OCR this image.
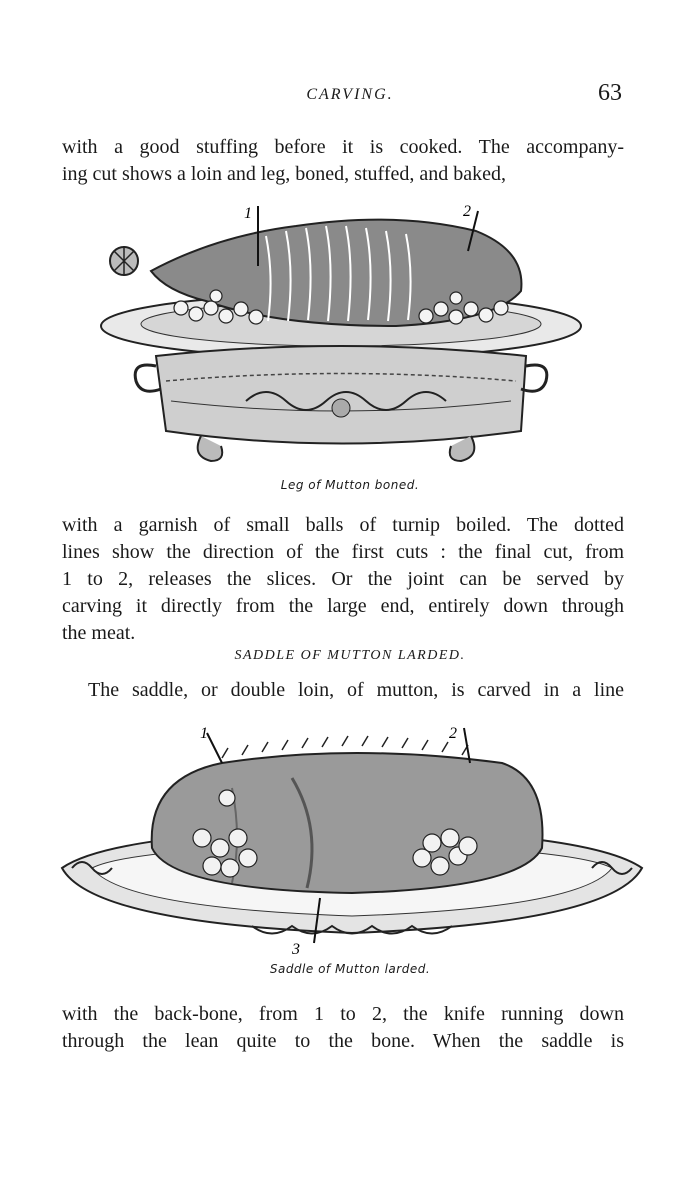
CARVING.	63
with a good stuffing before it is cooked. The accompany-
ing cut shows a loin and leg, boned, stuffed, and baked,
1	2
Leg of Mutton boned.
with a garnish of small balls of turnip boiled. The dotted
lines show the direction of the first cuts : the final cut, from
1 to 2, releases the slices. Or the joint can be served by
carving it directly from the large end, entirely down through
the meat.
SADDLE OF MUTTON LARDED.
The saddle, or double loin, of mutton, is carved in a line
1	2
3
Saddle of Mutton larded.
with the back-bone, from 1 to 2, the knife running down
through the lean quite to the bone. When the saddle is
